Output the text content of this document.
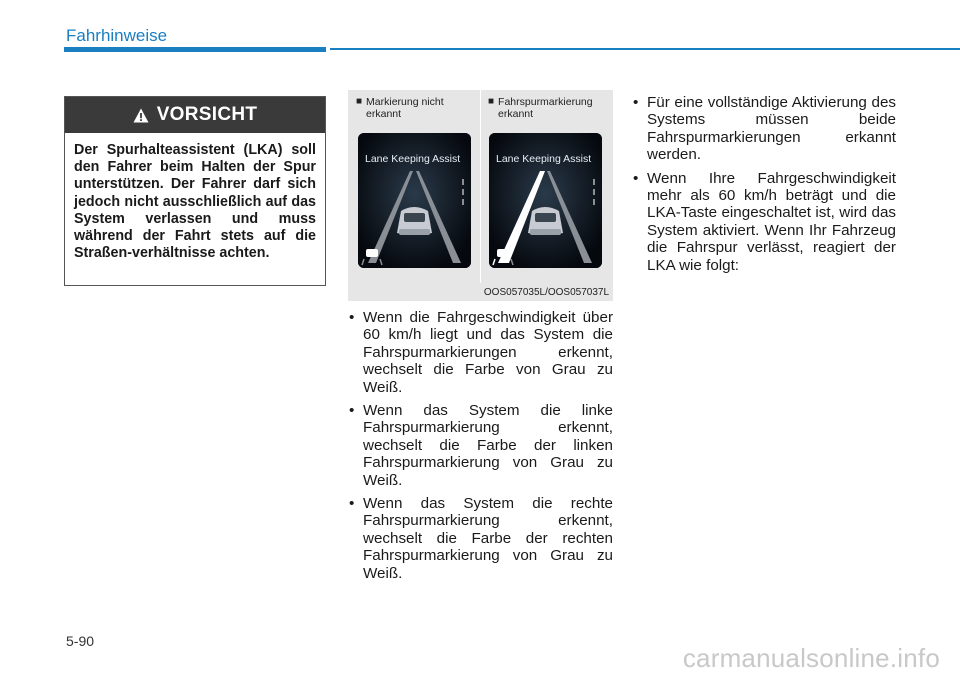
Fahrhinweise
VORSICHT
Der Spurhalteassistent (LKA) soll den Fahrer beim Halten der Spur unterstützen. Der Fahrer darf sich jedoch nicht ausschließlich auf das System verlassen und muss während der Fahrt stets auf die Straßen-verhältnisse achten.
■ Markierung nicht erkannt
■ Fahrspurmarkierung erkannt
Lane Keeping Assist	Lane Keeping Assist
OOS057035L/OOS057037L
• Wenn die Fahrgeschwindigkeit über 60 km/h liegt und das System die Fahrspurmarkierungen erkennt, wechselt die Farbe von Grau zu Weiß.
• Wenn das System die linke Fahrspurmarkierung erkennt, wechselt die Farbe der linken Fahrspurmarkierung von Grau zu Weiß.
• Wenn das System die rechte Fahrspurmarkierung erkennt, wechselt die Farbe der rechten Fahrspurmarkierung von Grau zu Weiß.
• Für eine vollständige Aktivierung des Systems müssen beide Fahrspurmarkierungen erkannt werden.
• Wenn Ihre Fahrgeschwindigkeit mehr als 60 km/h beträgt und die LKA-Taste eingeschaltet ist, wird das System aktiviert. Wenn Ihr Fahrzeug die Fahrspur verlässt, reagiert der LKA wie folgt:
5-90
carmanualsonline.info
